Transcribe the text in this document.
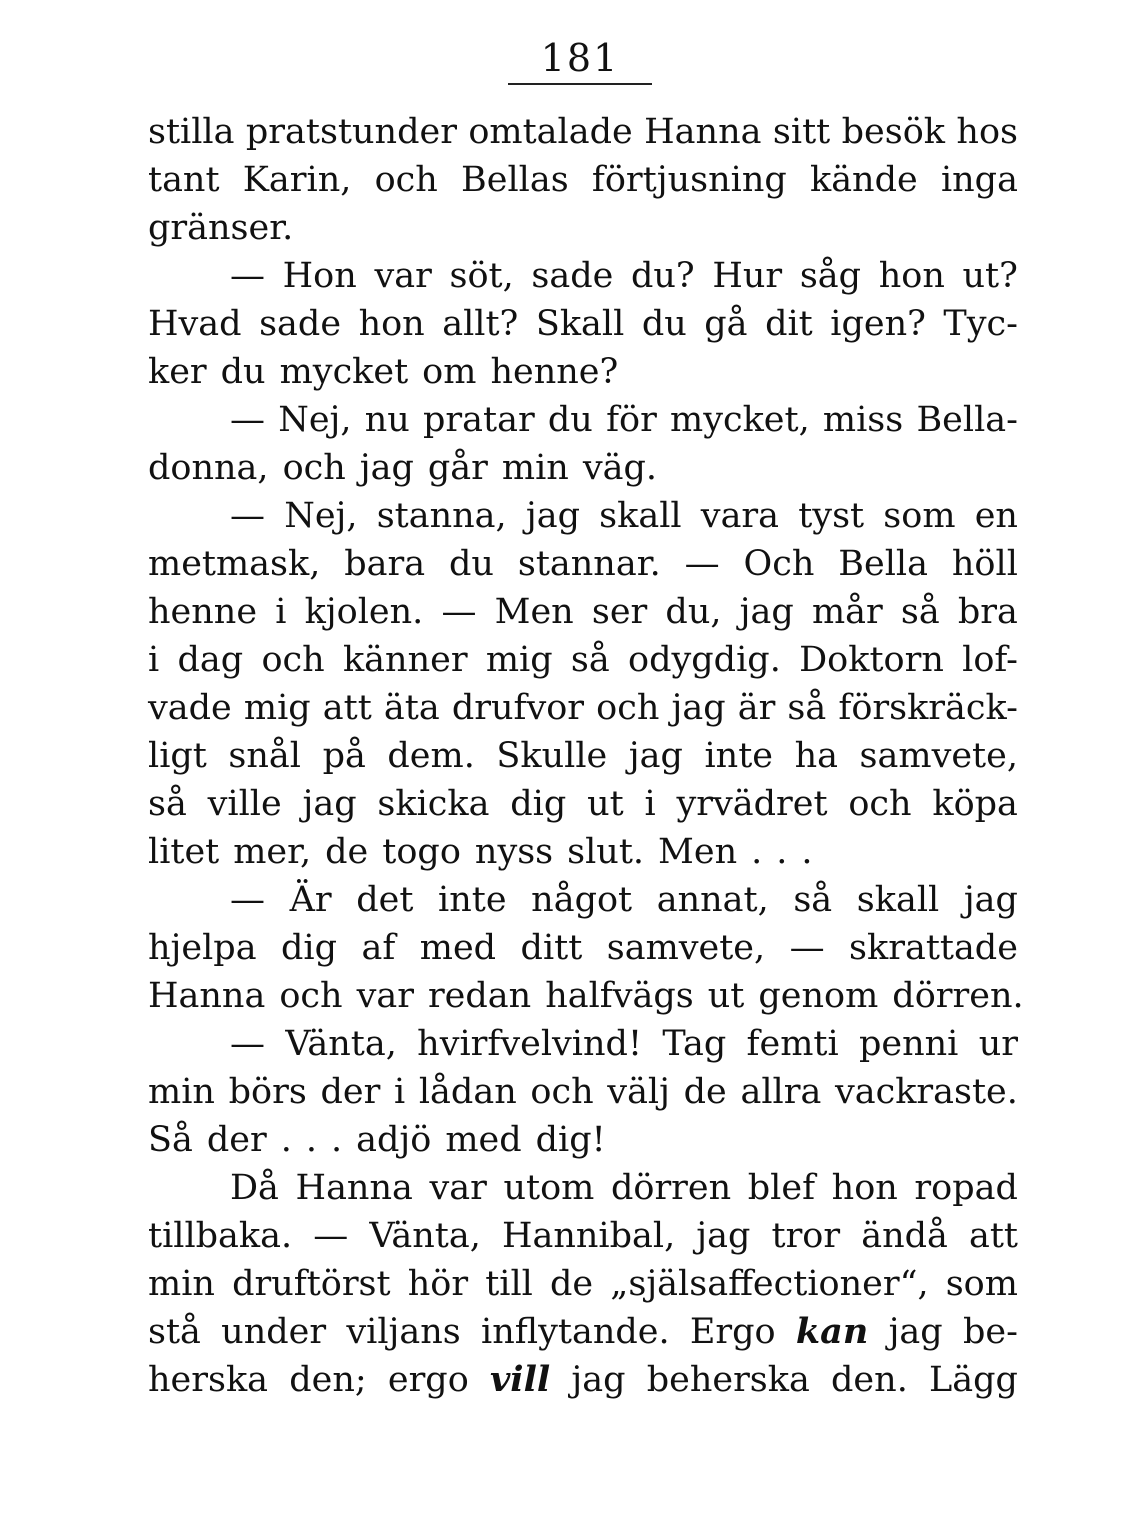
181
stilla pratstunder omtalade Hanna sitt besök hos
tant Karin, och Bellas förtjusning kände inga
gränser.
— Hon var söt, sade du? Hur såg hon ut?
Hvad sade hon allt? Skall du gå dit igen? Tyc-
ker du mycket om henne?
— Nej, nu pratar du för mycket, miss Bella-
donna, och jag går min väg.
— Nej, stanna, jag skall vara tyst som en
metmask, bara du stannar. — Och Bella höll
henne i kjolen. — Men ser du, jag mår så bra
i dag och känner mig så odygdig. Doktorn lof-
vade mig att äta drufvor och jag är så förskräck-
ligt snål på dem. Skulle jag inte ha samvete,
så ville jag skicka dig ut i yrvädret och köpa
litet mer, de togo nyss slut. Men . . .
— Är det inte något annat, så skall jag
hjelpa dig af med ditt samvete, — skrattade
Hanna och var redan halfvägs ut genom dörren.
— Vänta, hvirfvelvind! Tag femti penni ur
min börs der i lådan och välj de allra vackraste.
Så der . . . adjö med dig!
Då Hanna var utom dörren blef hon ropad
tillbaka. — Vänta, Hannibal, jag tror ändå att
min druftörst hör till de „själsaffectioner“, som
stå under viljans inflytande. Ergo kan jag be-
herska den; ergo vill jag beherska den. Lägg
